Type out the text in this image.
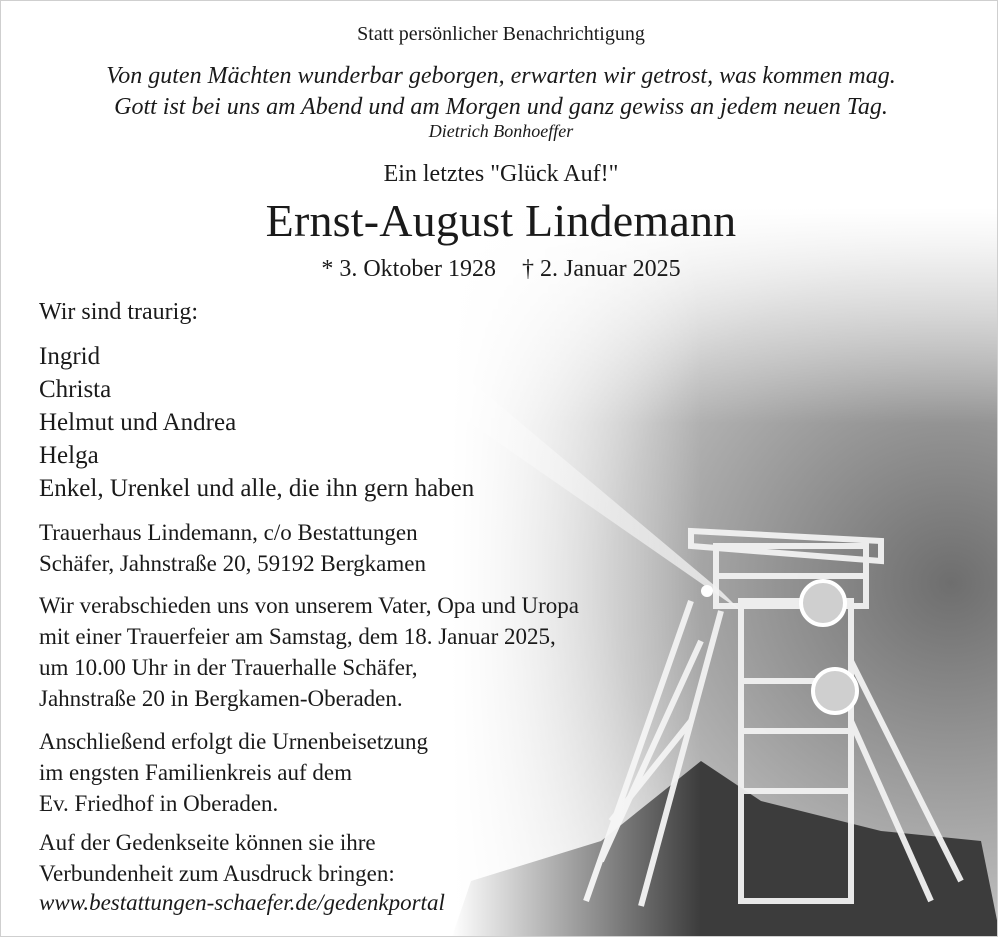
Statt persönlicher Benachrichtigung
Von guten Mächten wunderbar geborgen, erwarten wir getrost, was kommen mag.
Gott ist bei uns am Abend und am Morgen und ganz gewiss an jedem neuen Tag.
Dietrich Bonhoeffer
Ein letztes "Glück Auf!"
Ernst-August Lindemann
* 3. Oktober 1928 † 2. Januar 2025
Wir sind traurig:
Ingrid
Christa
Helmut und Andrea
Helga
Enkel, Urenkel und alle, die ihn gern haben
Trauerhaus Lindemann, c/o Bestattungen
Schäfer, Jahnstraße 20, 59192 Bergkamen
Wir verabschieden uns von unserem Vater, Opa und Uropa
mit einer Trauerfeier am Samstag, dem 18. Januar 2025,
um 10.00 Uhr in der Trauerhalle Schäfer,
Jahnstraße 20 in Bergkamen-Oberaden.
Anschließend erfolgt die Urnenbeisetzung
im engsten Familienkreis auf dem
Ev. Friedhof in Oberaden.
Auf der Gedenkseite können sie ihre
Verbundenheit zum Ausdruck bringen:
www.bestattungen-schaefer.de/gedenkportal
